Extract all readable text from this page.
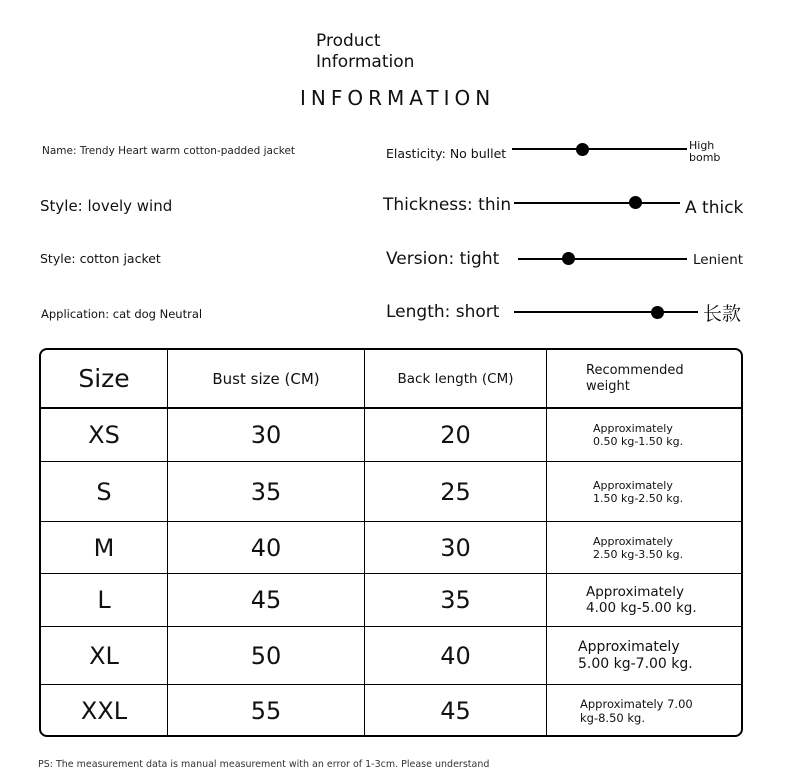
Product
Information
INFORMATION
Name: Trendy Heart warm cotton-padded jacket
Style: lovely wind
Style: cotton jacket
Application: cat dog Neutral
Elasticity: No bullet
High
bomb
Thickness: thin	A thick
Version: tight	Lenient
Length: short	长款
Size	Bust size (CM)	Back length (CM)
Recommended
weight
XS	30	20	Approximately
0.50 kg-1.50 kg.
S	35	25	Approximately
1.50 kg-2.50 kg.
M	40	30	Approximately
2.50 kg-3.50 kg.
L	45	35	Approximately
4.00 kg-5.00 kg.
XL	50	40	Approximately
5.00 kg-7.00 kg.
XXL	55	45	Approximately 7.00
kg-8.50 kg.
PS: The measurement data is manual measurement with an error of 1-3cm. Please understand
